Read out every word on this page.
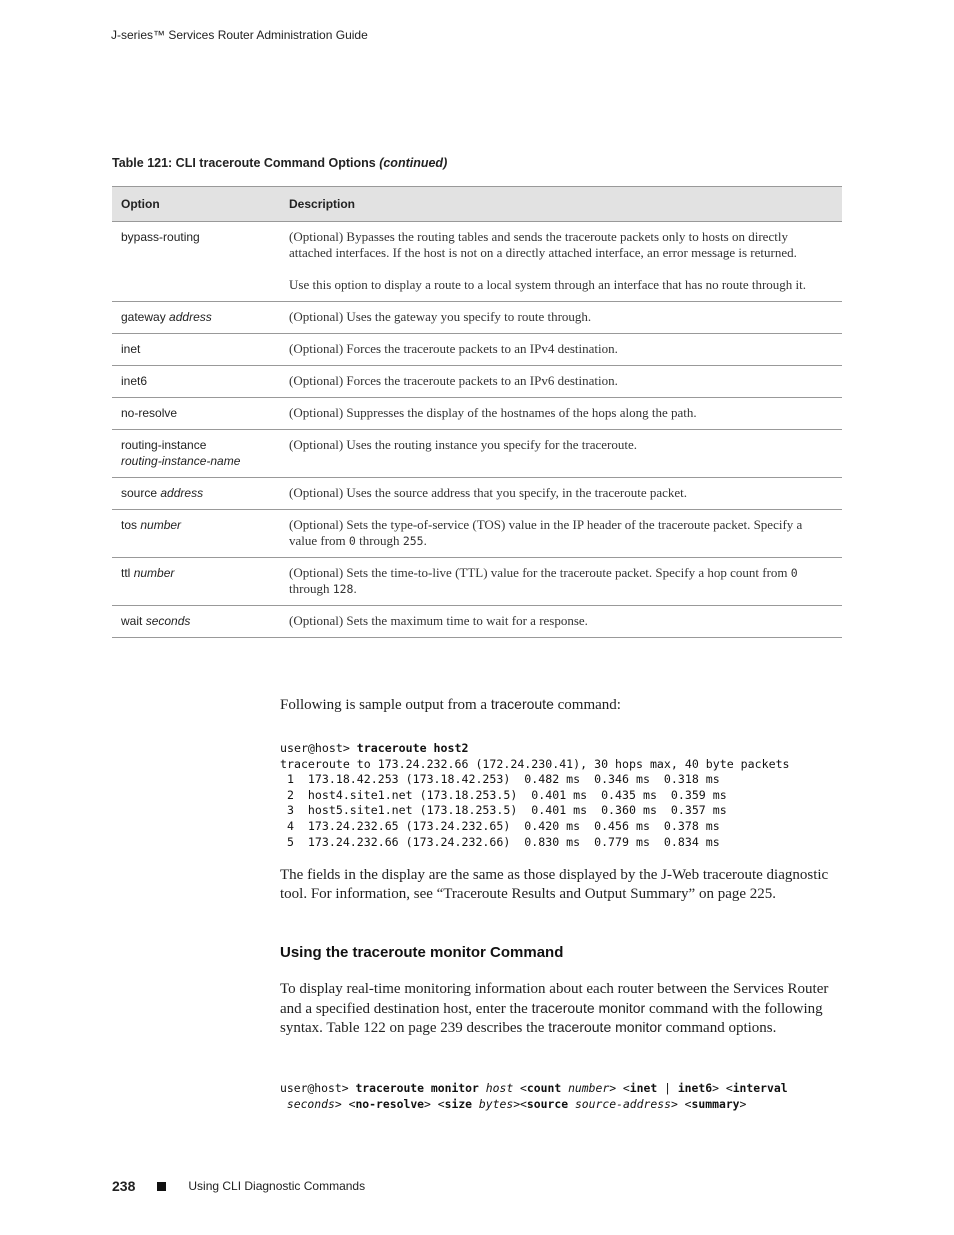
J-series™ Services Router Administration Guide
Table 121: CLI traceroute Command Options (continued)
Option	Description
bypass-routing	(Optional) Bypasses the routing tables and sends the traceroute packets only to hosts on directly attached interfaces. If the host is not on a directly attached interface, an error message is returned.

Use this option to display a route to a local system through an interface that has no route through it.

gateway address	(Optional) Uses the gateway you specify to route through.

inet	(Optional) Forces the traceroute packets to an IPv4 destination.

inet6	(Optional) Forces the traceroute packets to an IPv6 destination.

no-resolve	(Optional) Suppresses the display of the hostnames of the hops along the path.

routing-instance
routing-instance-name	(Optional) Uses the routing instance you specify for the traceroute.

source address	(Optional) Uses the source address that you specify, in the traceroute packet.

tos number	(Optional) Sets the type-of-service (TOS) value in the IP header of the traceroute packet. Specify a value from 0 through 255.

ttl number	(Optional) Sets the time-to-live (TTL) value for the traceroute packet. Specify a hop count from 0 through 128.

wait seconds	(Optional) Sets the maximum time to wait for a response.

Following is sample output from a traceroute command:
user@host> traceroute host2
traceroute to 173.24.232.66 (172.24.230.41), 30 hops max, 40 byte packets
1  173.18.42.253 (173.18.42.253)  0.482 ms  0.346 ms  0.318 ms
2  host4.site1.net (173.18.253.5)  0.401 ms  0.435 ms  0.359 ms
3  host5.site1.net (173.18.253.5)  0.401 ms  0.360 ms  0.357 ms
4  173.24.232.65 (173.24.232.65)  0.420 ms  0.456 ms  0.378 ms
5  173.24.232.66 (173.24.232.66)  0.830 ms  0.779 ms  0.834 ms
The fields in the display are the same as those displayed by the J-Web traceroute diagnostic tool. For information, see “Traceroute Results and Output Summary” on page 225.
Using the traceroute monitor Command
To display real-time monitoring information about each router between the Services Router and a specified destination host, enter the traceroute monitor command with the following syntax. Table 122 on page 239 describes the traceroute monitor command options.
user@host> traceroute monitor host <count number> <inet | inet6> <interval seconds> <no-resolve> <size bytes><source source-address> <summary>
238	Using CLI Diagnostic Commands
